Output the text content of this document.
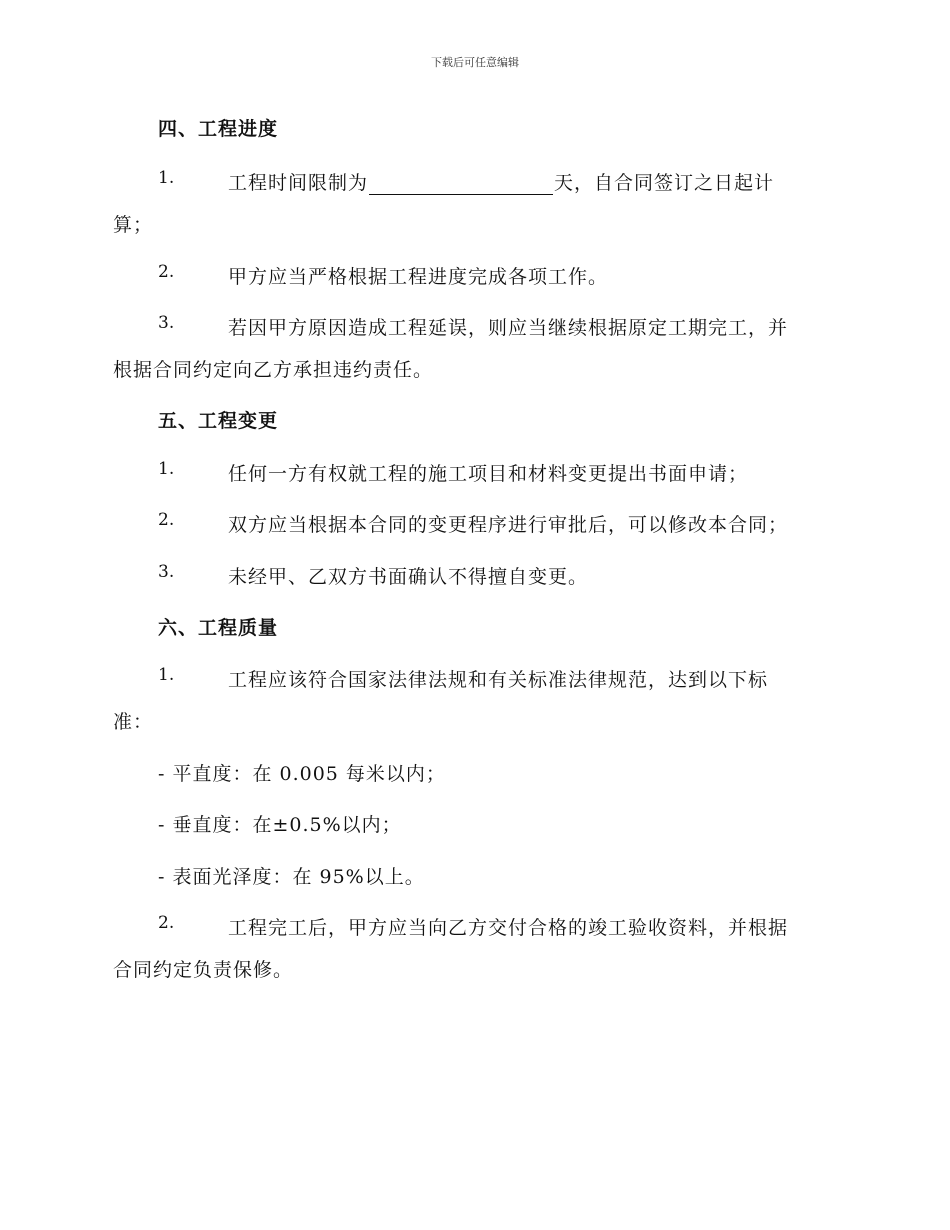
下载后可任意编辑
四、工程进度
1.	工程时间限制为	天，自合同签订之日起计
算；
2.	甲方应当严格根据工程进度完成各项工作。
3.	若因甲方原因造成工程延误，则应当继续根据原定工期完工，并
根据合同约定向乙方承担违约责任。
五、工程变更
1.	任何一方有权就工程的施工项目和材料变更提出书面申请；
2.	双方应当根据本合同的变更程序进行审批后，可以修改本合同；
3.	未经甲、乙双方书面确认不得擅自变更。
六、工程质量
1.	工程应该符合国家法律法规和有关标准法律规范，达到以下标
准：
- 平直度：在 0.005 每米以内；
- 垂直度：在±0.5%以内；
- 表面光泽度：在 95%以上。
2.	工程完工后，甲方应当向乙方交付合格的竣工验收资料，并根据
合同约定负责保修。
